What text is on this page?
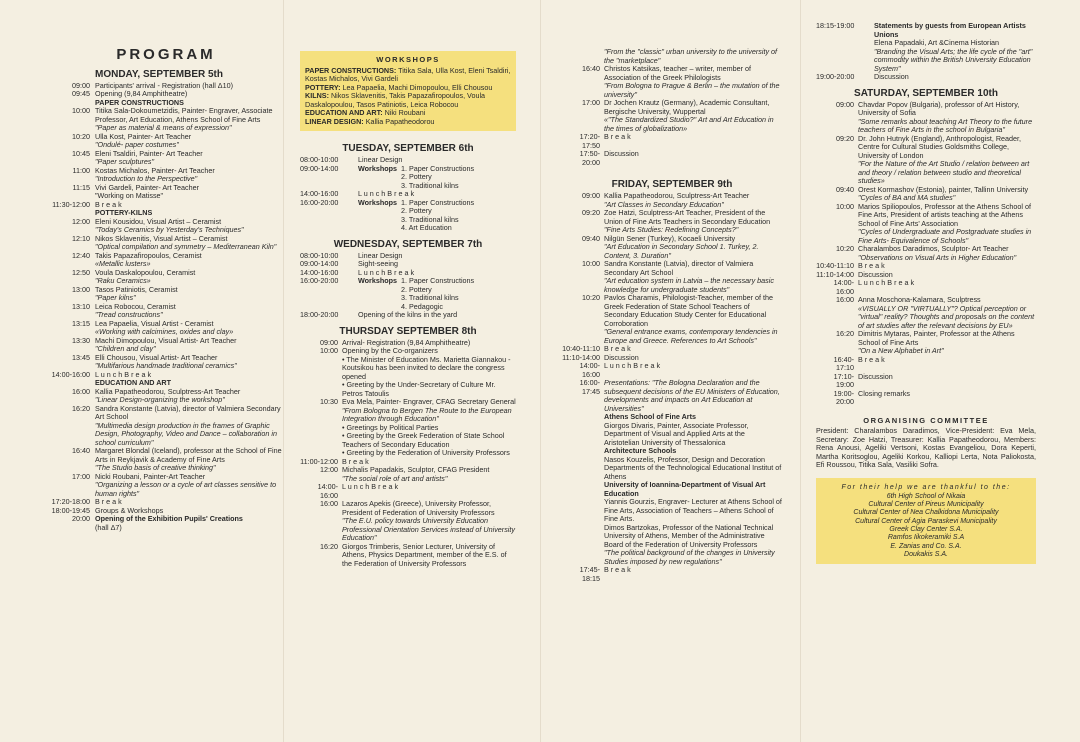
PROGRAM
MONDAY, SEPTEMBER 5th
09:00 Participants' arrival - Registration (hall Δ10)
09:45 Opening (9,84 Amphitheatre)
PAPER CONSTRUCTIONS
10:00 Titika Sala-Dokoumetzidis, Painter- Engraver, Associate Professor, Art Education, Athens School of Fine Arts
"Paper as material & means of expression"
10:20 Ulla Kost, Painter- Art Teacher
"Ondulé- paper costumes"
10:45 Eleni Tsaldiri, Painter- Art Teacher
"Paper sculptures"
11:00 Kostas Michalos, Painter- Art Teacher
"Introduction to the Perspective"
11:15 Vivi Gardeli, Painter- Art Teacher
"Working on Matisse"
11:30-12:00 B r e a k
POTTERY-KILNS
12:00 Eleni Kousidou, Visual Artist – Ceramist
"Today's Ceramics by Yesterday's Techniques"
12:10 Nikos Sklavenitis, Visual Artist – Ceramist
"Optical compilation and symmetry – Mediterranean Kiln"
12:40 Takis Papazafiropoulos, Ceramist
«Metallic lusters»
12:50 Voula Daskalopoulou, Ceramist
"Raku Ceramics»
13:00 Tasos Patiniotis, Ceramist
"Paper kilns"
13:10 Leica Robocou, Ceramist
"Tread constructions"
13:15 Lea Papaelia, Visual Artist - Ceramist
«Working with calcimines, oxides and clay»
13:30 Machi Dimopoulou, Visual Artist- Art Teacher
"Children and clay"
13:45 Elli Chousou, Visual Artist- Art Teacher
"Multifarious handmade traditional ceramics"
14:00-16:00 L u n c h B r e a k
EDUCATION AND ART
16:00 Kallia Papatheodorou, Sculptress-Art Teacher
"Linear Design-organizing the workshop"
16:20 Sandra Konstante (Latvia), director of Valmiera Secondary Art School
"Multimedia design production in the frames of Graphic Design, Photography, Video and Dance – collaboration in school curriculum"
16:40 Margaret Blondal (Iceland), professor at the School of Fine Arts in Reykjavik & Academy of Fine Arts
"The Studio basis of creative thinking"
17:00 Nicki Roubani, Painter-Art Teacher
"Organizing a lesson or a cycle of art classes sensitive to human rights"
17:20-18:00 B r e a k
18:00-19:45 Groups & Workshops
20:00 Opening of the Exhibition Pupils' Creations
(hall Δ7)
WORKSHOPS
PAPER CONSTRUCTIONS: Titika Sala, Ulla Kost, Eleni Tsaldiri, Kostas Michalos, Vivi Gardeli
POTTERY: Lea Papaelia, Machi Dimopoulou, Elli Chousou
KILNS: Nikos Sklavenitis, Takis Papazafiropoulos, Voula Daskalopoulou, Tasos Patiniotis, Leica Robocou
EDUCATION AND ART: Niki Roubani
LINEAR DESIGN: Kallia Papatheodorou
TUESDAY, SEPTEMBER 6th
08:00-10:00	Linear Design
09:00-14:00	Workshops 1. Paper Constructions
2. Pottery
3. Traditional kilns
14:00-16:00	L u n c h B r e a k
16:00-20:00	Workshops 1. Paper Constructions
2. Pottery
3. Traditional kilns
4. Art Education
WEDNESDAY, SEPTEMBER 7th
08:00-10:00	Linear Design
09:00-14:00	Sight-seeing
14:00-16:00	L u n c h B r e a k
16:00-20:00	Workshops 1. Paper Constructions
2. Pottery
3. Traditional kilns
4. Pedagogic
18:00-20:00	Opening of the kilns in the yard
THURSDAY SEPTEMBER 8th
09:00 Arrival- Registration (9,84 Amphitheatre)
10:00 Opening by the Co-organizers
• The Minister of Education Ms. Marietta Giannakou - Koutsikou has been invited to declare the congress opened
• Greeting by the Under-Secretary of Culture Mr. Petros Tatoulis
10:30 Eva Mela, Painter- Engraver, CFAG Secretary General
"From Bologna to Bergen The Route to the European Integration through Education"
• Greetings by Political Parties
• Greeting by the Greek Federation of State School Teachers of Secondary Education
• Greeting by the Federation of University Professors
11:00-12:00 B r e a k
12:00 Michalis Papadakis, Sculptor, CFAG President
"The social role of art and artists"
14:00-16:00
L u n c h B r e a k
16:00 Lazaros Apekis (Greece), University Professor, President of Federation of University Professors
"The E.U. policy towards University Education Professional Orientation Services instead of University Education"
16:20 Giorgos Trimberis, Senior Lecturer, University of Athens, Physics Department, member of the E.S. of the Federation of University Professors
"From the "classic" urban university to the university of the "marketplace"
16:40 Christos Katsikas, teacher – writer, member of Association of the Greek Philologists
"From Bologna to Prague & Berlin – the mutation of the university"
17:00 Dr Jochen Krautz (Germany), Academic Consultant, Bergische University, Wuppertal
«"The Standardized Studio?" Art and Art Education in the times of globalization»
17:20-17:50
B r e a k
17:50-20:00
Discussion
FRIDAY, SEPTEMBER 9th
09:00 Kallia Papatheodorou, Sculptress-Art Teacher
"Art Classes in Secondary Education"
09:20 Zoe Hatzi, Sculptress-Art Teacher, President of the Union of Fine Arts Teachers in Secondary Education
"Fine Arts Studies: Redefining Concepts?"
09:40 Nilgün Sener (Turkey), Kocaeli University
"Art Education in Secondary School 1. Turkey, 2. Content, 3. Duration"
10:00 Sandra Konstante (Latvia), director of Valmiera Secondary Art School
"Art education system in Latvia – the necessary basic knowledge for undergraduate students"
10:20 Pavlos Charamis, Philologist-Teacher, member of the Greek Federation of State School Teachers of Secondary Education Study Center for Educational Corroboration
"General entrance exams, contemporary tendencies in Europe and Greece. References to Art Schools"
10:40-11:10 B r e a k
11:10-14:00 Discussion
14:00-16:00
L u n c h B r e a k
16:00-17:45
Presentations: "The Bologna Declaration and the subsequent decisions of the EU Ministers of Education, developments and impacts on Art Education at Universities"
Athens School of Fine Arts
Giorgos Divaris, Painter, Associate Professor, Department of Visual and Applied Arts at the Aristotelian University of Thessalonica
Architecture Schools
Nasos Kouzelis, Professor, Design and Decoration Departments of the Technological Educational Institut of Athens
University of Ioannina-Department of Visual Art Education
Yiannis Gourzis, Engraver- Lecturer at Athens School of Fine Arts, Association of Teachers – Athens School of Fine Arts.
Dimos Bartzokas, Professor of the National Technical University of Athens, Member of the Administrative Board of the Federation of University Professors
"The political background of the changes in University Studies imposed by new regulations"
17:45-18:15
B r e a k
18:15-19:00	Statements by guests from European Artists Unions
Elena Papadaki, Art &Cinema Historian
"Branding the Visual Arts; the life cycle of the "art" commodity within the British University Education System"
19:00-20:00	Discussion
SATURDAY, SEPTEMBER 10th
09:00 Chavdar Popov (Bulgaria), professor of Art History, University of Sofia
"Some remarks about teaching Art Theory to the future teachers of Fine Arts in the school in Bulgaria"
09:20 Dr. John Hutnyk (England), Anthropologist, Reader, Centre for Cultural Studies Goldsmiths College, University of London
"For the Nature of the Art Studio / relation between art and theory / relation between studio and theoretical studies»
09:40 Orest Kormashov (Estonia), painter, Tallinn University
"Cycles of BA and MA studies"
10:00 Marios Spiliopoulos, Professor at the Athens School of Fine Arts, President of artists teaching at the Athens School of Fine Arts' Association
"Cycles of Undergraduate and Postgraduate studies in Fine Arts- Equivalence of Schools"
10:20 Charalambos Daradimos, Sculptor- Art Teacher
"Observations on Visual Arts in Higher Education"
10:40-11:10 B r e a k
11:10-14:00 Discussion
14:00-16:00
L u n c h B r e a k
16:00 Anna Moschona-Kalamara, Sculptress
«VISUALLY OR "VIRTUALLY"? Optical perception or "virtual" reality? Thoughts and proposals on the content of art studies after the relevant decisions by EU»
16:20 Dimitris Mytaras, Painter, Professor at the Athens School of Fine Arts
"On a New Alphabet in Art"
16:40-17:10
B r e a k
17:10-19:00
Discussion
19:00-20:00
Closing remarks
ORGANISING COMMITTEE
President: Charalambos Daradimos, Vice-President: Eva Mela, Secretary: Zoe Hatzi, Treasurer: Kallia Papatheodorou, Members: Rena Anousi, Ageliki Vertsoni, Kostas Evangeliou, Dora Keperti, Martha Koritsoglou, Ageliki Korkou, Kalliopi Lerta, Nota Paliokosta, Efi Roussou, Titika Sala, Vasiliki Sofra.
For their help we are thankful to the:
6th High School of Nikaia
Cultural Center of Pireus Municipality
Cultural Center of Nea Chalkidona Municipality
Cultural Center of Agia Paraskevi Municipality
Greek Clay Center S.A.
Ramfos Iikokeramiki S.A
E. Zanias and Co. S.A.
Doukakis S.A.
